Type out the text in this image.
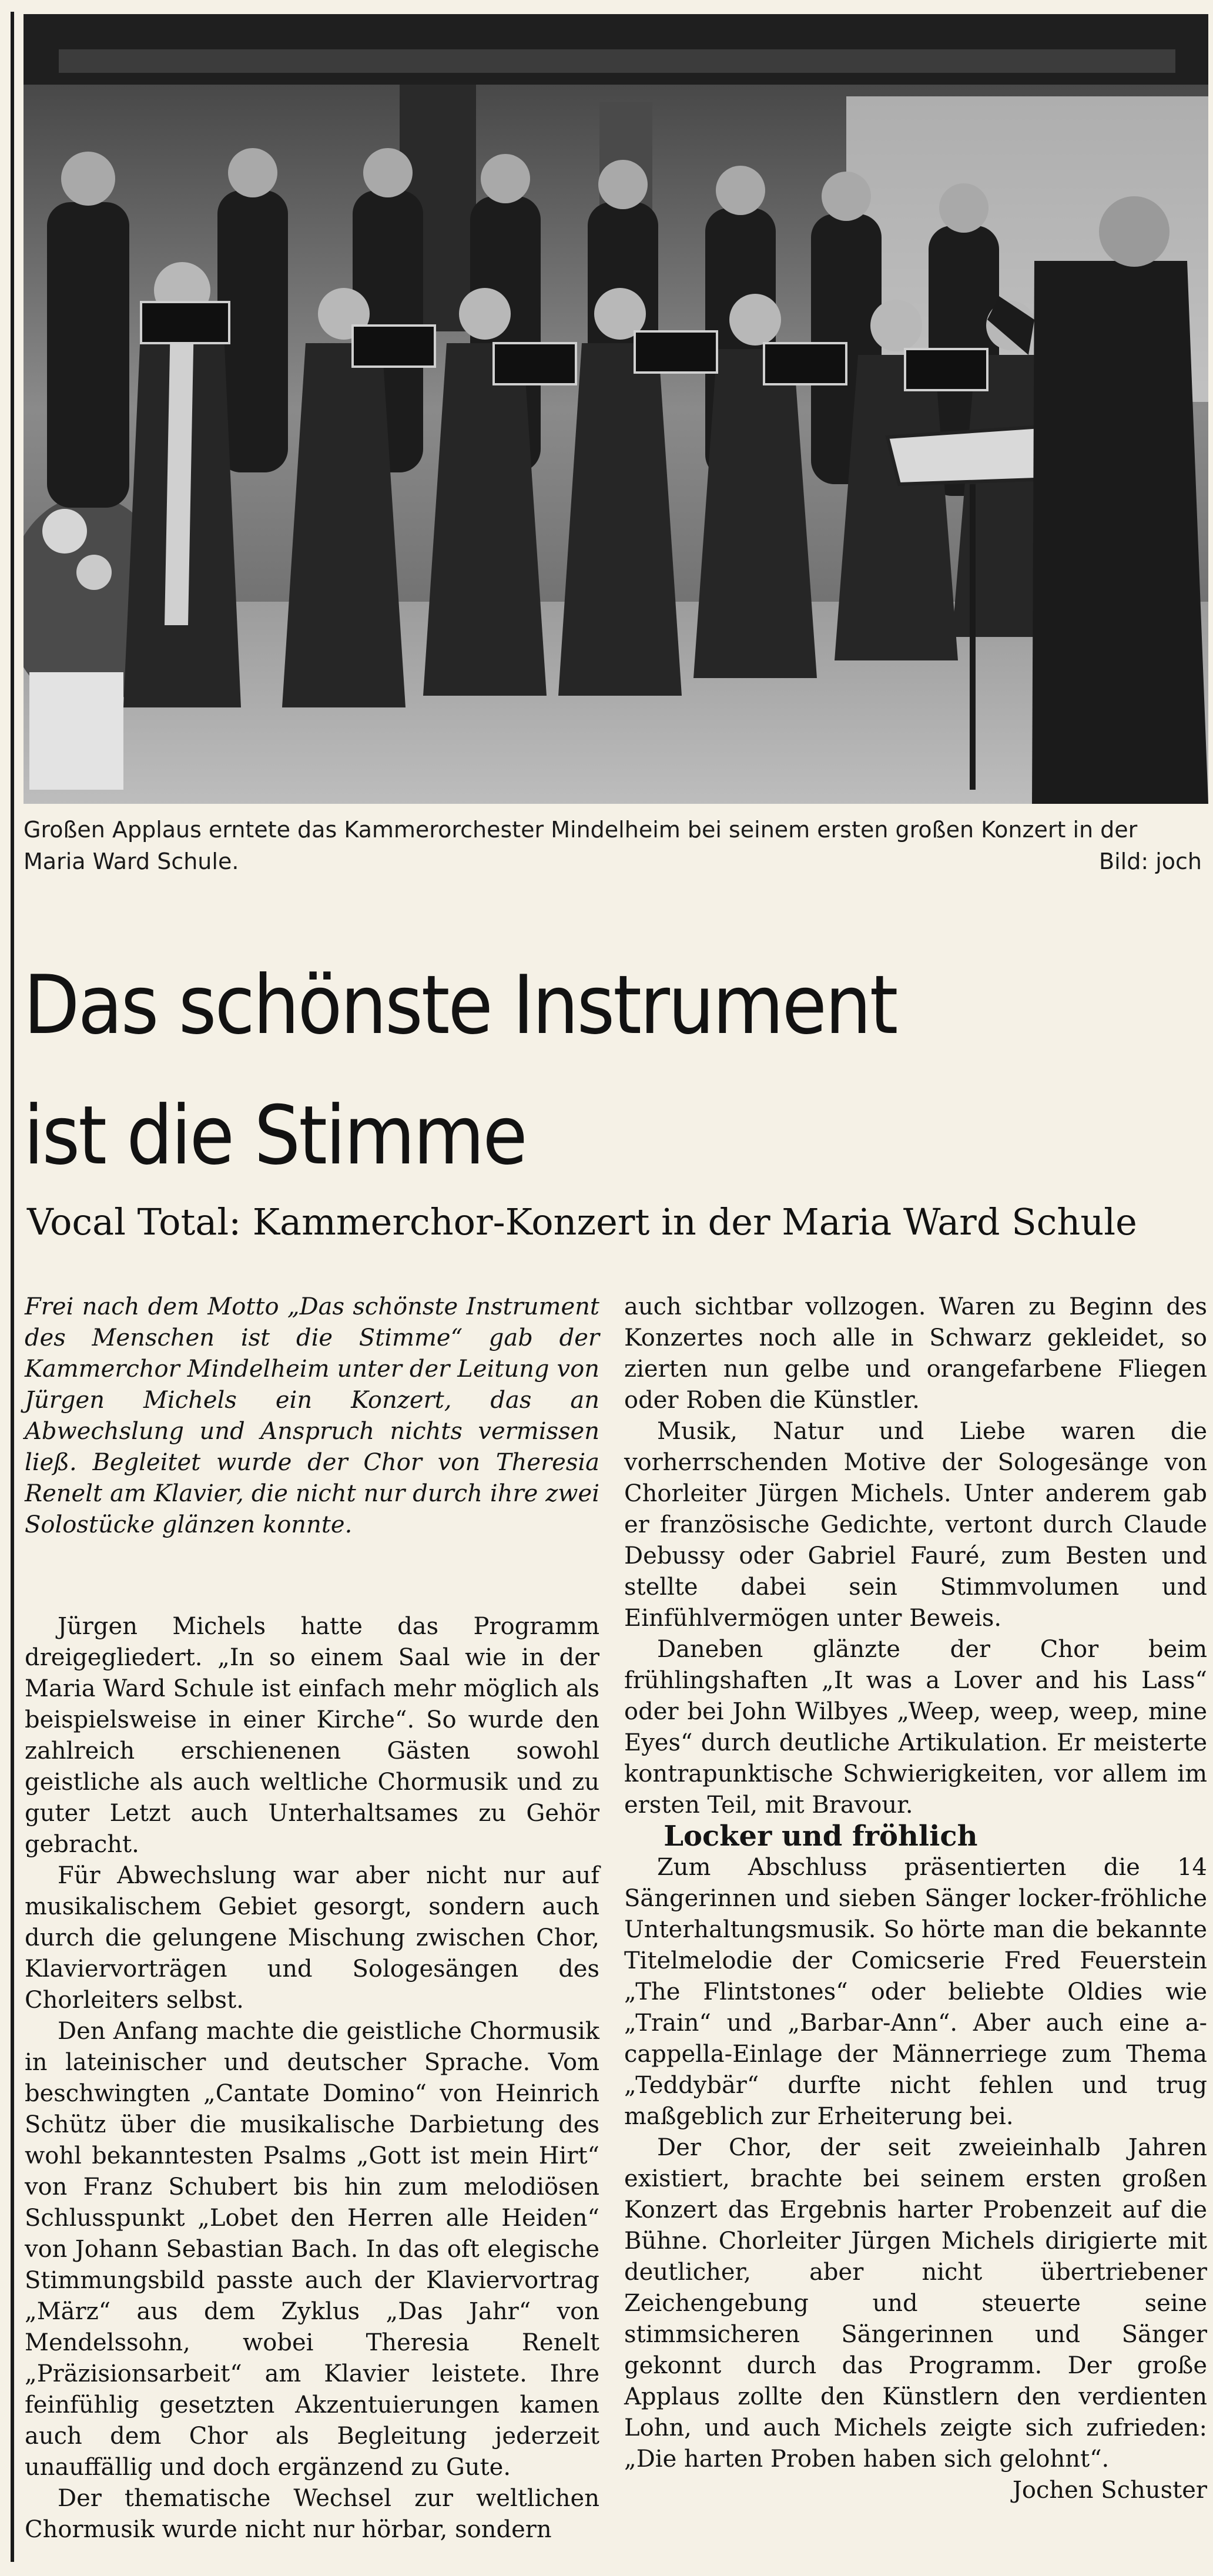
Großen Applaus erntete das Kammerorchester Mindelheim bei seinem ersten großen Konzert in der Maria Ward Schule.	Bild: joch
Das schönste Instrument
ist die Stimme
Vocal Total: Kammerchor-Konzert in der Maria Ward Schule

Frei nach dem Motto „Das schönste Instrument des Menschen ist die Stimme“ gab der Kammerchor Mindelheim unter der Leitung von Jürgen Michels ein Konzert, das an Abwechslung und Anspruch nichts vermissen ließ. Begleitet wurde der Chor von Theresia Renelt am Klavier, die nicht nur durch ihre zwei Solostücke glänzen konnte.

Jürgen Michels hatte das Programm dreigegliedert. „In so einem Saal wie in der Maria Ward Schule ist einfach mehr möglich als beispielsweise in einer Kirche“. So wurde den zahlreich erschienenen Gästen sowohl geistliche als auch weltliche Chormusik und zu guter Letzt auch Unterhaltsames zu Gehör gebracht.

Für Abwechslung war aber nicht nur auf musikalischem Gebiet gesorgt, sondern auch durch die gelungene Mischung zwischen Chor, Klaviervorträgen und Sologesängen des Chorleiters selbst.

Den Anfang machte die geistliche Chormusik in lateinischer und deutscher Sprache. Vom beschwingten „Cantate Domino“ von Heinrich Schütz über die musikalische Darbietung des wohl bekanntesten Psalms „Gott ist mein Hirt“ von Franz Schubert bis hin zum melodiösen Schlusspunkt „Lobet den Herren alle Heiden“ von Johann Sebastian Bach. In das oft elegische Stimmungsbild passte auch der Klaviervortrag „März“ aus dem Zyklus „Das Jahr“ von Mendelssohn, wobei Theresia Renelt „Präzisionsarbeit“ am Klavier leistete. Ihre feinfühlig gesetzten Akzentuierungen kamen auch dem Chor als Begleitung jederzeit unauffällig und doch ergänzend zu Gute.

Der thematische Wechsel zur weltlichen Chormusik wurde nicht nur hörbar, sondern

auch sichtbar vollzogen. Waren zu Beginn des Konzertes noch alle in Schwarz gekleidet, so zierten nun gelbe und orangefarbene Fliegen oder Roben die Künstler.

Musik, Natur und Liebe waren die vorherrschenden Motive der Sologesänge von Chorleiter Jürgen Michels. Unter anderem gab er französische Gedichte, vertont durch Claude Debussy oder Gabriel Fauré, zum Besten und stellte dabei sein Stimmvolumen und Einfühlvermögen unter Beweis.

Daneben glänzte der Chor beim frühlingshaften „It was a Lover and his Lass“ oder bei John Wilbyes „Weep, weep, weep, mine Eyes“ durch deutliche Artikulation. Er meisterte kontrapunktische Schwierigkeiten, vor allem im ersten Teil, mit Bravour.

Locker und fröhlich

Zum Abschluss präsentierten die 14 Sängerinnen und sieben Sänger locker-fröhliche Unterhaltungsmusik. So hörte man die bekannte Titelmelodie der Comicserie Fred Feuerstein „The Flintstones“ oder beliebte Oldies wie „Train“ und „Barbar-Ann“. Aber auch eine a-cappella-Einlage der Männerriege zum Thema „Teddybär“ durfte nicht fehlen und trug maßgeblich zur Erheiterung bei.

Der Chor, der seit zweieinhalb Jahren existiert, brachte bei seinem ersten großen Konzert das Ergebnis harter Probenzeit auf die Bühne. Chorleiter Jürgen Michels dirigierte mit deutlicher, aber nicht übertriebener Zeichengebung und steuerte seine stimmsicheren Sängerinnen und Sänger gekonnt durch das Programm. Der große Applaus zollte den Künstlern den verdienten Lohn, und auch Michels zeigte sich zufrieden: „Die harten Proben haben sich gelohnt“.
Jochen Schuster
